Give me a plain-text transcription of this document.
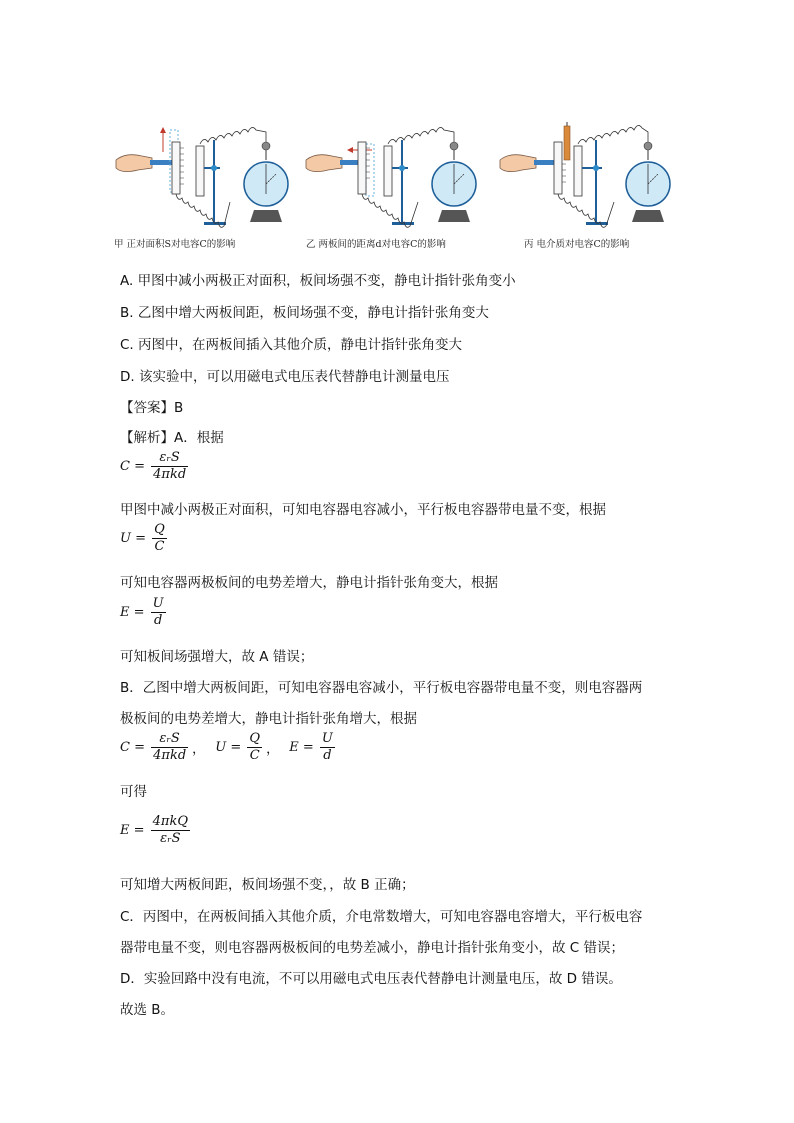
甲 正对面积S对电容C的影响	乙 两板间的距离d对电容C的影响	丙 电介质对电容C的影响
A. 甲图中减小两极正对面积，板间场强不变，静电计指针张角变小
B. 乙图中增大两板间距，板间场强不变，静电计指针张角变大
C. 丙图中，在两板间插入其他介质，静电计指针张角变大
D. 该实验中，可以用磁电式电压表代替静电计测量电压
【答案】B
【解析】A．根据
$C = \frac{\text{εᵣS}}{\text{4πkd}}$
甲图中减小两极正对面积，可知电容器电容减小，平行板电容器带电量不变，根据
$U = \frac{Q}{C}$
可知电容器两极板间的电势差增大，静电计指针张角变大，根据
$E = \frac{U}{d}$
可知板间场强增大，故 A 错误；
B．乙图中增大两板间距，可知电容器电容减小，平行板电容器带电量不变，则电容器两
极板间的电势差增大，静电计指针张角增大，根据
$C = \frac{\text{εᵣS}}{\text{4πkd}}$ ， $U = \frac{Q}{C}$ ， $E = \frac{U}{d}$
可得
$E = \frac{\text{4πkQ}}{\text{εᵣS}}$
可知增大两板间距，板间场强不变，，故 B 正确；
C．丙图中，在两板间插入其他介质，介电常数增大，可知电容器电容增大，平行板电容
器带电量不变，则电容器两极板间的电势差减小，静电计指针张角变小，故 C 错误；
D．实验回路中没有电流，不可以用磁电式电压表代替静电计测量电压，故 D 错误。
故选 B。
